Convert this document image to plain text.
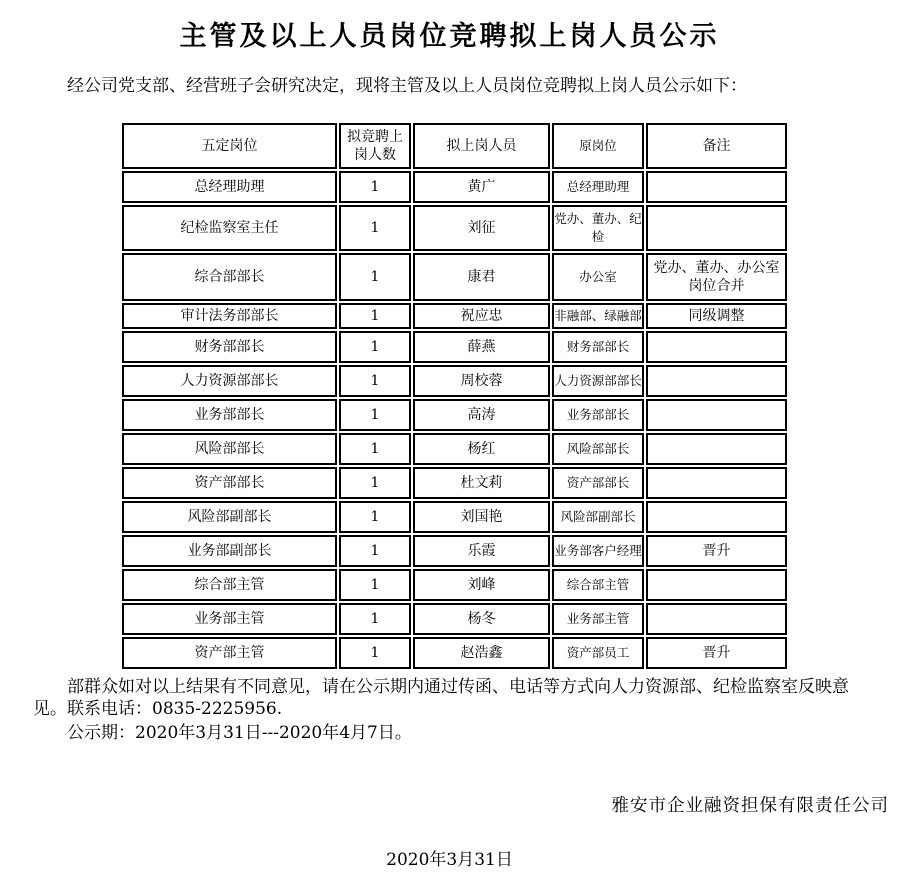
主管及以上人员岗位竞聘拟上岗人员公示

经公司党支部、经营班子会研究决定，现将主管及以上人员岗位竞聘拟上岗人员公示如下：

五定岗位	拟竞聘上岗人数	拟上岗人员	原岗位	备注
总经理助理	1	黄广	总经理助理	
纪检监察室主任	1	刘征	党办、董办、纪检	
综合部部长	1	康君	办公室	党办、董办、办公室岗位合并
审计法务部部长	1	祝应忠	非融部、绿融部	同级调整
财务部部长	1	薛燕	财务部部长	
人力资源部部长	1	周校蓉	人力资源部部长	
业务部部长	1	高涛	业务部部长	
风险部部长	1	杨红	风险部部长	
资产部部长	1	杜文莉	资产部部长	
风险部副部长	1	刘国艳	风险部副部长	
业务部副部长	1	乐霞	业务部客户经理	晋升
综合部主管	1	刘峰	综合部主管	
业务部主管	1	杨冬	业务部主管	
资产部主管	1	赵浩鑫	资产部员工	晋升

部群众如对以上结果有不同意见，请在公示期内通过传函、电话等方式向人力资源部、纪检监察室反映意见。联系电话：0835-2225956.

公示期：2020年3月31日---2020年4月7日。

雅安市企业融资担保有限责任公司

2020年3月31日
